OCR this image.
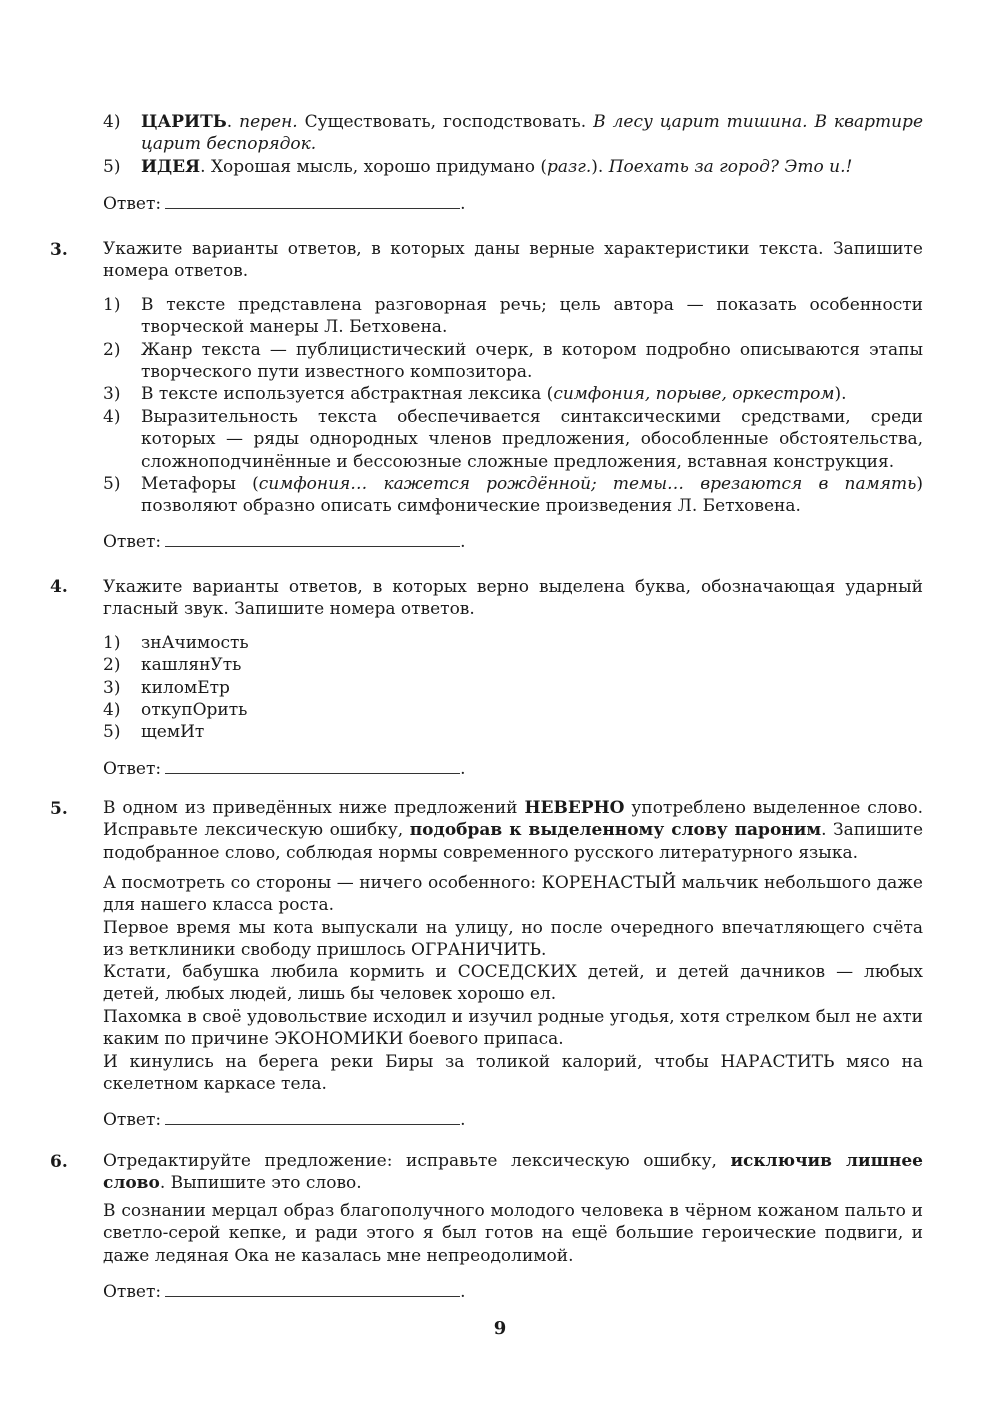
4) ЦАРИТЬ. перен. Существовать, господствовать. В лесу царит тишина. В квартире царит беспорядок.
5) ИДЕЯ. Хорошая мысль, хорошо придумано (разг.). Поехать за город? Это и.!
Ответ:	.
3. Укажите варианты ответов, в которых даны верные характеристики текста. Запишите номера ответов.
1) В тексте представлена разговорная речь; цель автора — показать особенности творческой манеры Л. Бетховена.
2) Жанр текста — публицистический очерк, в котором подробно описываются этапы творческого пути известного композитора.
3) В тексте используется абстрактная лексика (симфония, порыве, оркестром).
4) Выразительность текста обеспечивается синтаксическими средствами, среди которых — ряды однородных членов предложения, обособленные обстоятельства, сложноподчинённые и бессоюзные сложные предложения, вставная конструкция.
5) Метафоры (симфония… кажется рождённой; темы… врезаются в память) позволяют образно описать симфонические произведения Л. Бетховена.
Ответ:	.
4. Укажите варианты ответов, в которых верно выделена буква, обозначающая ударный гласный звук. Запишите номера ответов.
1) знАчимость
2) кашлянУть
3) киломЕтр
4) откупОрить
5) щемИт
Ответ:	.
5. В одном из приведённых ниже предложений НЕВЕРНО употреблено выделенное слово. Исправьте лексическую ошибку, подобрав к выделенному слову пароним. Запишите подобранное слово, соблюдая нормы современного русского литературного языка.
А посмотреть со стороны — ничего особенного: КОРЕНАСТЫЙ мальчик небольшого даже для нашего класса роста.
Первое время мы кота выпускали на улицу, но после очередного впечатляющего счёта из ветклиники свободу пришлось ОГРАНИЧИТЬ.
Кстати, бабушка любила кормить и СОСЕДСКИХ детей, и детей дачников — любых детей, любых людей, лишь бы человек хорошо ел.
Пахомка в своё удовольствие исходил и изучил родные угодья, хотя стрелком был не ахти каким по причине ЭКОНОМИКИ боевого припаса.
И кинулись на берега реки Биры за толикой калорий, чтобы НАРАСТИТЬ мясо на скелетном каркасе тела.
Ответ:	.
6. Отредактируйте предложение: исправьте лексическую ошибку, исключив лишнее слово. Выпишите это слово.
В сознании мерцал образ благополучного молодого человека в чёрном кожаном пальто и светло-серой кепке, и ради этого я был готов на ещё большие героические подвиги, и даже ледяная Ока не казалась мне непреодолимой.
Ответ:	.
9
